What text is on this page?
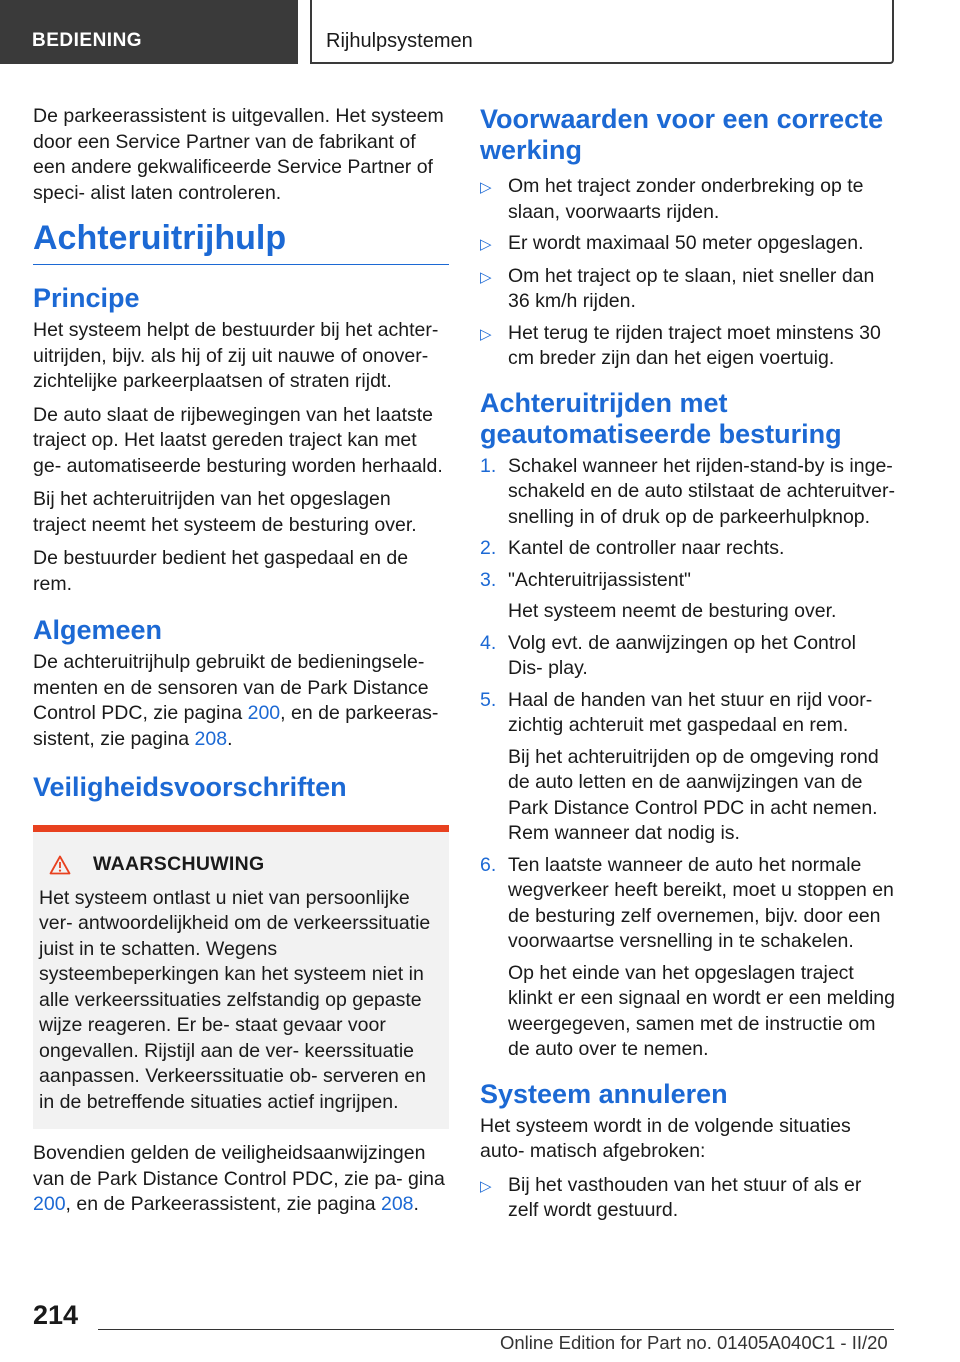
BEDIENING	Rijhulpsystemen

De parkeerassistent is uitgevallen. Het systeem door een Service Partner van de fabrikant of een andere gekwalificeerde Service Partner of speci‐ alist laten controleren.

Achteruitrijhulp
Principe

Het systeem helpt de bestuurder bij het achter‐ uitrijden, bijv. als hij of zij uit nauwe of onover‐ zichtelijke parkeerplaatsen of straten rijdt.

De auto slaat de rijbewegingen van het laatste traject op. Het laatst gereden traject kan met ge‐ automatiseerde besturing worden herhaald.

Bij het achteruitrijden van het opgeslagen traject neemt het systeem de besturing over.

De bestuurder bedient het gaspedaal en de rem.

Algemeen

De achteruitrijhulp gebruikt de bedieningsele‐ menten en de sensoren van de Park Distance Control PDC, zie pagina 200, en de parkeeras‐ sistent, zie pagina 208.

Veiligheidsvoorschriften
WAARSCHUWING

Het systeem ontlast u niet van persoonlijke ver‐ antwoordelijkheid om de verkeerssituatie juist in te schatten. Wegens systeembeperkingen kan het systeem niet in alle verkeerssituaties zelfstandig op gepaste wijze reageren. Er be‐ staat gevaar voor ongevallen. Rijstijl aan de ver‐ keerssituatie aanpassen. Verkeerssituatie ob‐ serveren en in de betreffende situaties actief ingrijpen.

Bovendien gelden de veiligheidsaanwijzingen van de Park Distance Control PDC, zie pa‐ gina 200, en de Parkeerassistent, zie pagina 208.

Voorwaarden voor een correcte werking
▷ Om het traject zonder onderbreking op te slaan, voorwaarts rijden.
▷ Er wordt maximaal 50 meter opgeslagen.
▷ Om het traject op te slaan, niet sneller dan 36 km/h rijden.
▷ Het terug te rijden traject moet minstens 30 cm breder zijn dan het eigen voertuig.
Achteruitrijden met geautomatiseerde besturing
1. Schakel wanneer het rijden-stand-by is inge‐ schakeld en de auto stilstaat de achteruitver‐ snelling in of druk op de parkeerhulpknop.
2. Kantel de controller naar rechts.
3. "Achteruitrijassistent"

Het systeem neemt de besturing over.

4. Volg evt. de aanwijzingen op het Control Dis‐ play.
5. Haal de handen van het stuur en rijd voor‐ zichtig achteruit met gaspedaal en rem.

Bij het achteruitrijden op de omgeving rond de auto letten en de aanwijzingen van de Park Distance Control PDC in acht nemen. Rem wanneer dat nodig is.

6. Ten laatste wanneer de auto het normale wegverkeer heeft bereikt, moet u stoppen en de besturing zelf overnemen, bijv. door een voorwaartse versnelling in te schakelen.

Op het einde van het opgeslagen traject klinkt er een signaal en wordt er een melding weergegeven, samen met de instructie om de auto over te nemen.

Systeem annuleren

Het systeem wordt in de volgende situaties auto‐ matisch afgebroken:

▷ Bij het vasthouden van het stuur of als er zelf wordt gestuurd.
214
Online Edition for Part no. 01405A040C1 - II/20
